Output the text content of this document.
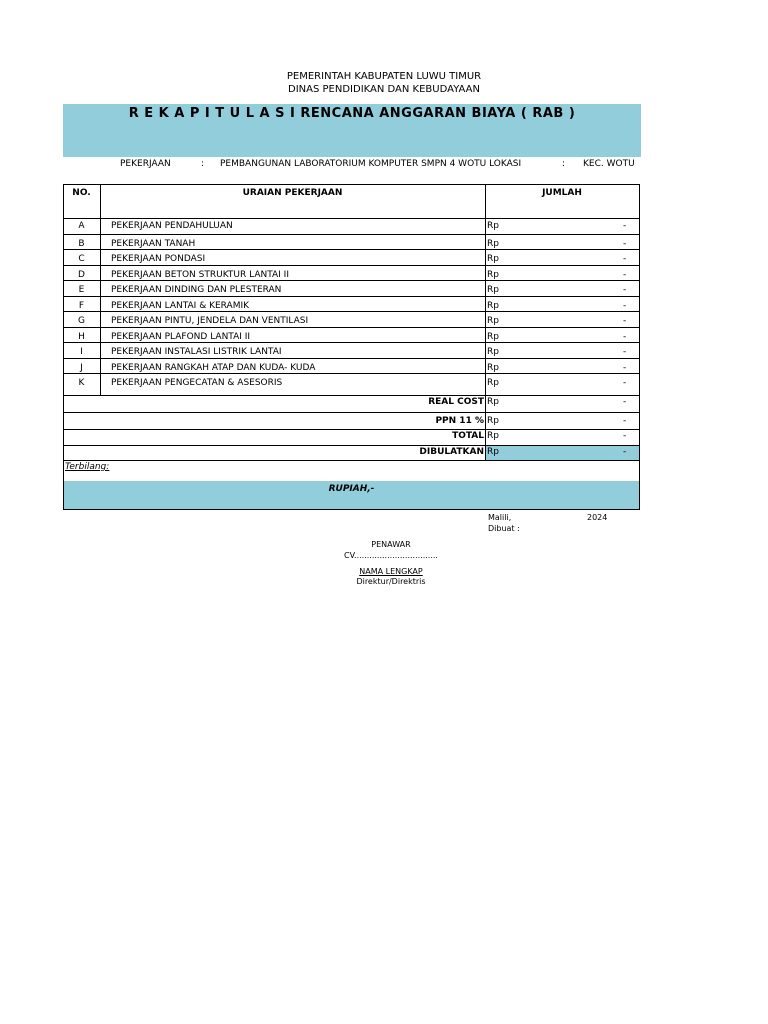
PEMERINTAH KABUPATEN LUWU TIMUR
DINAS PENDIDIKAN DAN KEBUDAYAAN
R E K A P I T U L A S I RENCANA ANGGARAN BIAYA ( RAB )
PEKERJAAN	: PEMBANGUNAN LABORATORIUM KOMPUTER SMPN 4 WOTU LOKASI	: KEC. WOTU
NO.	URAIAN PEKERJAAN	JUMLAH
A	PEKERJAAN PENDAHULUAN	Rp	-
B	PEKERJAAN TANAH	Rp	-
C	PEKERJAAN PONDASI	Rp	-
D	PEKERJAAN BETON STRUKTUR LANTAI II	Rp	-
E	PEKERJAAN DINDING DAN PLESTERAN	Rp	-
F	PEKERJAAN LANTAI & KERAMIK	Rp	-
G	PEKERJAAN PINTU, JENDELA DAN VENTILASI	Rp	-
H	PEKERJAAN PLAFOND LANTAI II	Rp	-
I	PEKERJAAN INSTALASI LISTRIK LANTAI	Rp	-
J	PEKERJAAN RANGKAH ATAP DAN KUDA- KUDA	Rp	-
K	PEKERJAAN PENGECATAN & ASESORIS	Rp	-
REAL COST Rp	-
PPN 11 % Rp	-
TOTAL Rp	-
DIBULATKAN Rp	-
Terbilang:
RUPIAH,-
Malili,	2024
Dibuat :
PENAWAR
CV.................................
NAMA LENGKAP
Direktur/Direktris
